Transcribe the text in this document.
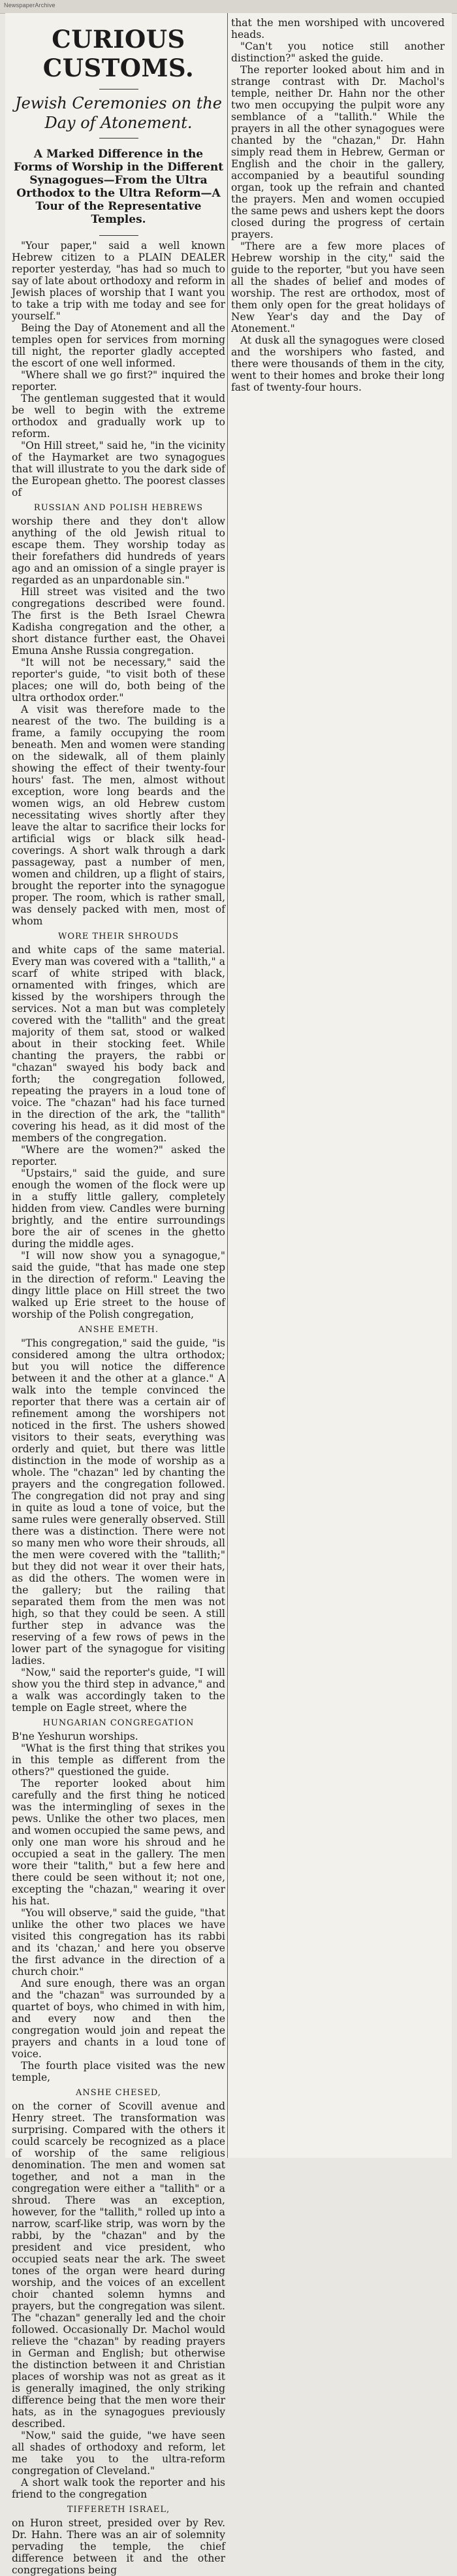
NewspaperArchive
CURIOUS CUSTOMS.
Jewish Ceremonies on the Day of Atonement.
A Marked Difference in the Forms of Worship in the Different Synagogues—From the Ultra Orthodox to the Ultra Reform—A Tour of the Representative Temples.

"Your paper," said a well known Hebrew citizen to a PLAIN DEALER reporter yesterday, "has had so much to say of late about orthodoxy and reform in Jewish places of worship that I want you to take a trip with me today and see for yourself."

Being the Day of Atonement and all the temples open for services from morning till night, the reporter gladly accepted the escort of one well informed.

"Where shall we go first?" inquired the reporter.

The gentleman suggested that it would be well to begin with the extreme orthodox and gradually work up to reform.

"On Hill street," said he, "in the vicinity of the Haymarket are two synagogues that will illustrate to you the dark side of the European ghetto. The poorest classes of

RUSSIAN AND POLISH HEBREWS

worship there and they don't allow anything of the old Jewish ritual to escape them. They worship today as their forefathers did hundreds of years ago and an omission of a single prayer is regarded as an unpardonable sin."

Hill street was visited and the two congregations described were found. The first is the Beth Israel Chewra Kadisha congregation and the other, a short distance further east, the Ohavei Emuna Anshe Russia congregation.

"It will not be necessary," said the reporter's guide, "to visit both of these places; one will do, both being of the ultra orthodox order."

A visit was therefore made to the nearest of the two. The building is a frame, a family occupying the room beneath. Men and women were standing on the sidewalk, all of them plainly showing the effect of their twenty-four hours' fast. The men, almost without exception, wore long beards and the women wigs, an old Hebrew custom necessitating wives shortly after they leave the altar to sacrifice their locks for artificial wigs or black silk head-coverings. A short walk through a dark passageway, past a number of men, women and children, up a flight of stairs, brought the reporter into the synagogue proper. The room, which is rather small, was densely packed with men, most of whom

WORE THEIR SHROUDS

and white caps of the same material. Every man was covered with a "tallith," a scarf of white striped with black, ornamented with fringes, which are kissed by the worshipers through the services. Not a man but was completely covered with the "tallith" and the great majority of them sat, stood or walked about in their stocking feet. While chanting the prayers, the rabbi or "chazan" swayed his body back and forth; the congregation followed, repeating the prayers in a loud tone of voice. The "chazan" had his face turned in the direction of the ark, the "tallith" covering his head, as it did most of the members of the congregation.

"Where are the women?" asked the reporter.

"Upstairs," said the guide, and sure enough the women of the flock were up in a stuffy little gallery, completely hidden from view. Candles were burning brightly, and the entire surroundings bore the air of scenes in the ghetto during the middle ages.

"I will now show you a synagogue," said the guide, "that has made one step in the direction of reform." Leaving the dingy little place on Hill street the two walked up Erie street to the house of worship of the Polish congregation,

ANSHE EMETH.

"This congregation," said the guide, "is considered among the ultra orthodox; but you will notice the difference between it and the other at a glance." A walk into the temple convinced the reporter that there was a certain air of refinement among the worshipers not noticed in the first. The ushers showed visitors to their seats, everything was orderly and quiet, but there was little distinction in the mode of worship as a whole. The "chazan" led by chanting the prayers and the congregation followed. The congregation did not pray and sing in quite as loud a tone of voice, but the same rules were generally observed. Still there was a distinction. There were not so many men who wore their shrouds, all the men were covered with the "tallith;" but they did not wear it over their hats, as did the others. The women were in the gallery; but the railing that separated them from the men was not high, so that they could be seen. A still further step in advance was the reserving of a few rows of pews in the lower part of the synagogue for visiting ladies.

"Now," said the reporter's guide, "I will show you the third step in advance," and a walk was accordingly taken to the temple on Eagle street, where the

HUNGARIAN CONGREGATION

B'ne Yeshurun worships.

"What is the first thing that strikes you in this temple as different from the others?" questioned the guide.

The reporter looked about him carefully and the first thing he noticed was the intermingling of sexes in the pews. Unlike the other two places, men and women occupied the same pews, and only one man wore his shroud and he occupied a seat in the gallery. The men wore their "talith," but a few here and there could be seen without it; not one, excepting the "chazan," wearing it over his hat.

"You will observe," said the guide, "that unlike the other two places we have visited this congregation has its rabbi and its 'chazan,' and here you observe the first advance in the direction of a church choir."

And sure enough, there was an organ and the "chazan" was surrounded by a quartet of boys, who chimed in with him, and every now and then the congregation would join and repeat the prayers and chants in a loud tone of voice.

The fourth place visited was the new temple,

ANSHE CHESED,

on the corner of Scovill avenue and Henry street. The transformation was surprising. Compared with the others it could scarcely be recognized as a place of worship of the same religious denomination. The men and women sat together, and not a man in the congregation were either a "tallith" or a shroud. There was an exception, however, for the "tallith," rolled up into a narrow, scarf-like strip, was worn by the rabbi, by the "chazan" and by the president and vice president, who occupied seats near the ark. The sweet tones of the organ were heard during worship, and the voices of an excellent choir chanted solemn hymns and prayers, but the congregation was silent. The "chazan" generally led and the choir followed. Occasionally Dr. Machol would relieve the "chazan" by reading prayers in German and English; but otherwise the distinction between it and Christian places of worship was not as great as it is generally imagined, the only striking difference being that the men wore their hats, as in the synagogues previously described.

"Now," said the guide, "we have seen all shades of orthodoxy and reform, let me take you to the ultra-reform congregation of Cleveland."

A short walk took the reporter and his friend to the congregation

TIFFERETH ISRAEL,

on Huron street, presided over by Rev. Dr. Hahn. There was an air of solemnity pervading the temple, the chief difference between it and the other congregations being

that the men worshiped with uncovered heads.

"Can't you notice still another distinction?" asked the guide.

The reporter looked about him and in strange contrast with Dr. Machol's temple, neither Dr. Hahn nor the other two men occupying the pulpit wore any semblance of a "tallith." While the prayers in all the other synagogues were chanted by the "chazan," Dr. Hahn simply read them in Hebrew, German or English and the choir in the gallery, accompanied by a beautiful sounding organ, took up the refrain and chanted the prayers. Men and women occupied the same pews and ushers kept the doors closed during the progress of certain prayers.

"There are a few more places of Hebrew worship in the city," said the guide to the reporter, "but you have seen all the shades of belief and modes of worship. The rest are orthodox, most of them only open for the great holidays of New Year's day and the Day of Atonement."

At dusk all the synagogues were closed and the worshipers who fasted, and there were thousands of them in the city, went to their homes and broke their long fast of twenty-four hours.
